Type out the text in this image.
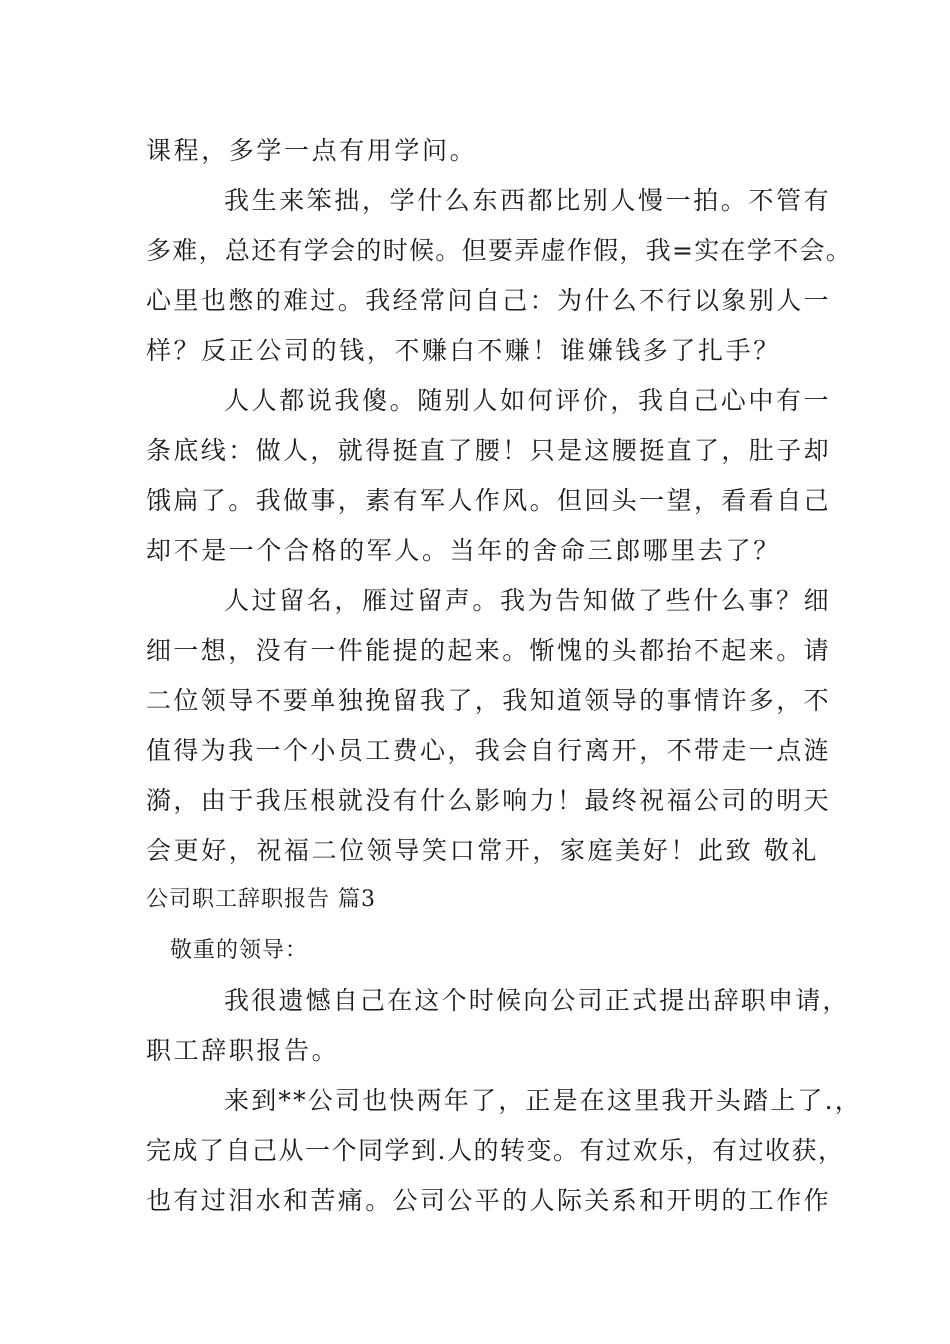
课程，多学一点有用学问。
我生来笨拙，学什么东西都比别人慢一拍。不管有
多难，总还有学会的时候。但要弄虚作假，我=实在学不会。
心里也憋的难过。我经常问自己：为什么不行以象别人一
样？反正公司的钱，不赚白不赚！谁嫌钱多了扎手？
人人都说我傻。随别人如何评价，我自己心中有一
条底线：做人，就得挺直了腰！只是这腰挺直了，肚子却
饿扁了。我做事，素有军人作风。但回头一望，看看自己
却不是一个合格的军人。当年的舍命三郎哪里去了？
人过留名，雁过留声。我为告知做了些什么事？细
细一想，没有一件能提的起来。惭愧的头都抬不起来。请
二位领导不要单独挽留我了，我知道领导的事情许多，不
值得为我一个小员工费心，我会自行离开，不带走一点涟
漪，由于我压根就没有什么影响力！最终祝福公司的明天
会更好，祝福二位领导笑口常开，家庭美好！此致 敬礼
公司职工辞职报告 篇3
敬重的领导：
我很遗憾自己在这个时候向公司正式提出辞职申请，
职工辞职报告。
来到**公司也快两年了，正是在这里我开头踏上了.，
完成了自己从一个同学到.人的转变。有过欢乐，有过收获，
也有过泪水和苦痛。公司公平的人际关系和开明的工作作
